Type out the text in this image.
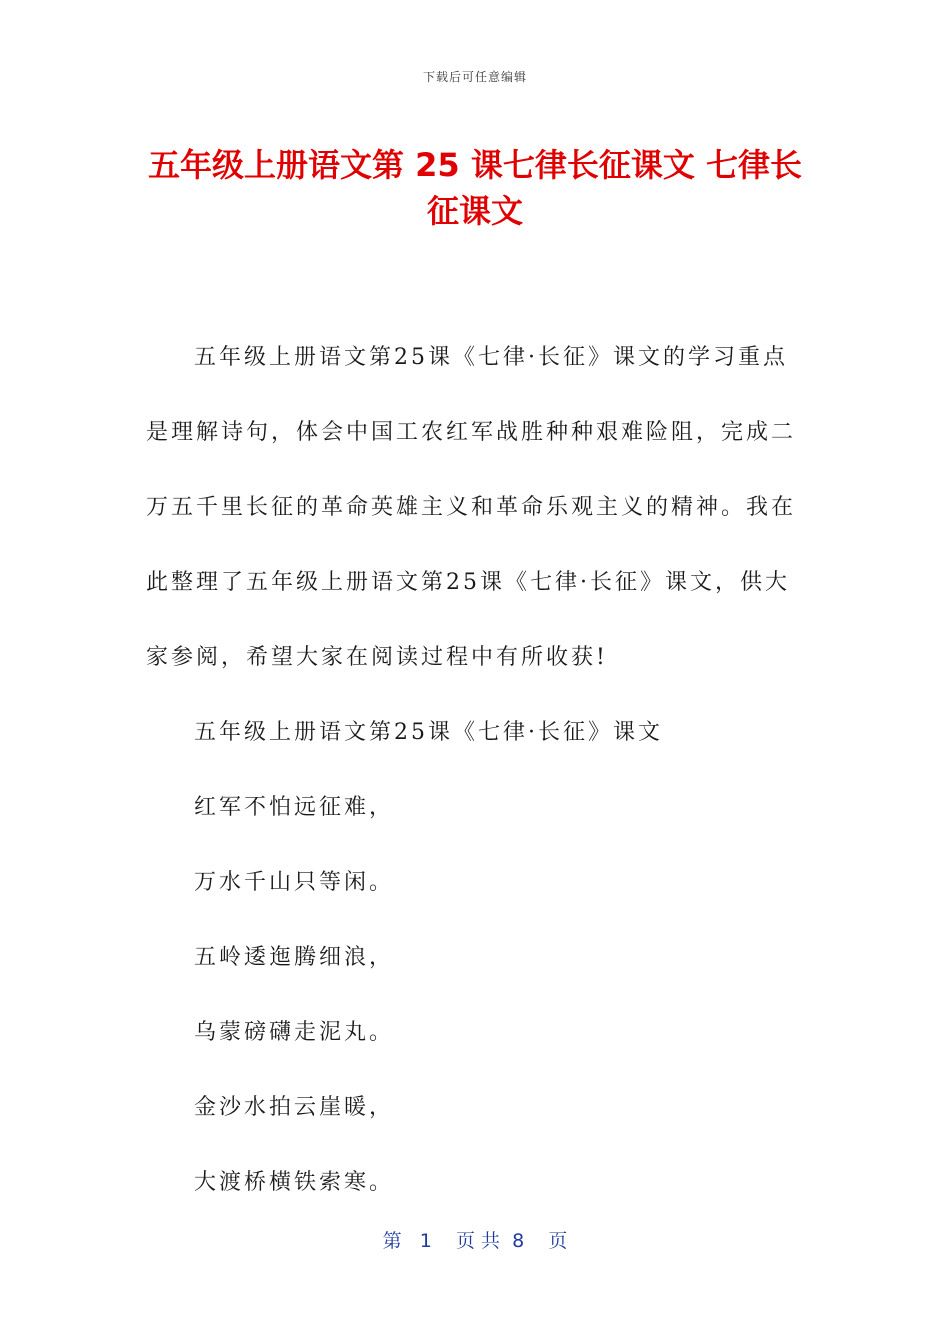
下载后可任意编辑
五年级上册语文第 25 课七律长征课文 七律长征课文

五年级上册语文第25课《七律·长征》课文的学习重点是理解诗句，体会中国工农红军战胜种种艰难险阻，完成二万五千里长征的革命英雄主义和革命乐观主义的精神。我在此整理了五年级上册语文第25课《七律·长征》课文，供大家参阅，希望大家在阅读过程中有所收获!

五年级上册语文第25课《七律·长征》课文

红军不怕远征难，

万水千山只等闲。

五岭逶迤腾细浪，

乌蒙磅礴走泥丸。

金沙水拍云崖暖，

大渡桥横铁索寒。

第   1    页 共  8    页
